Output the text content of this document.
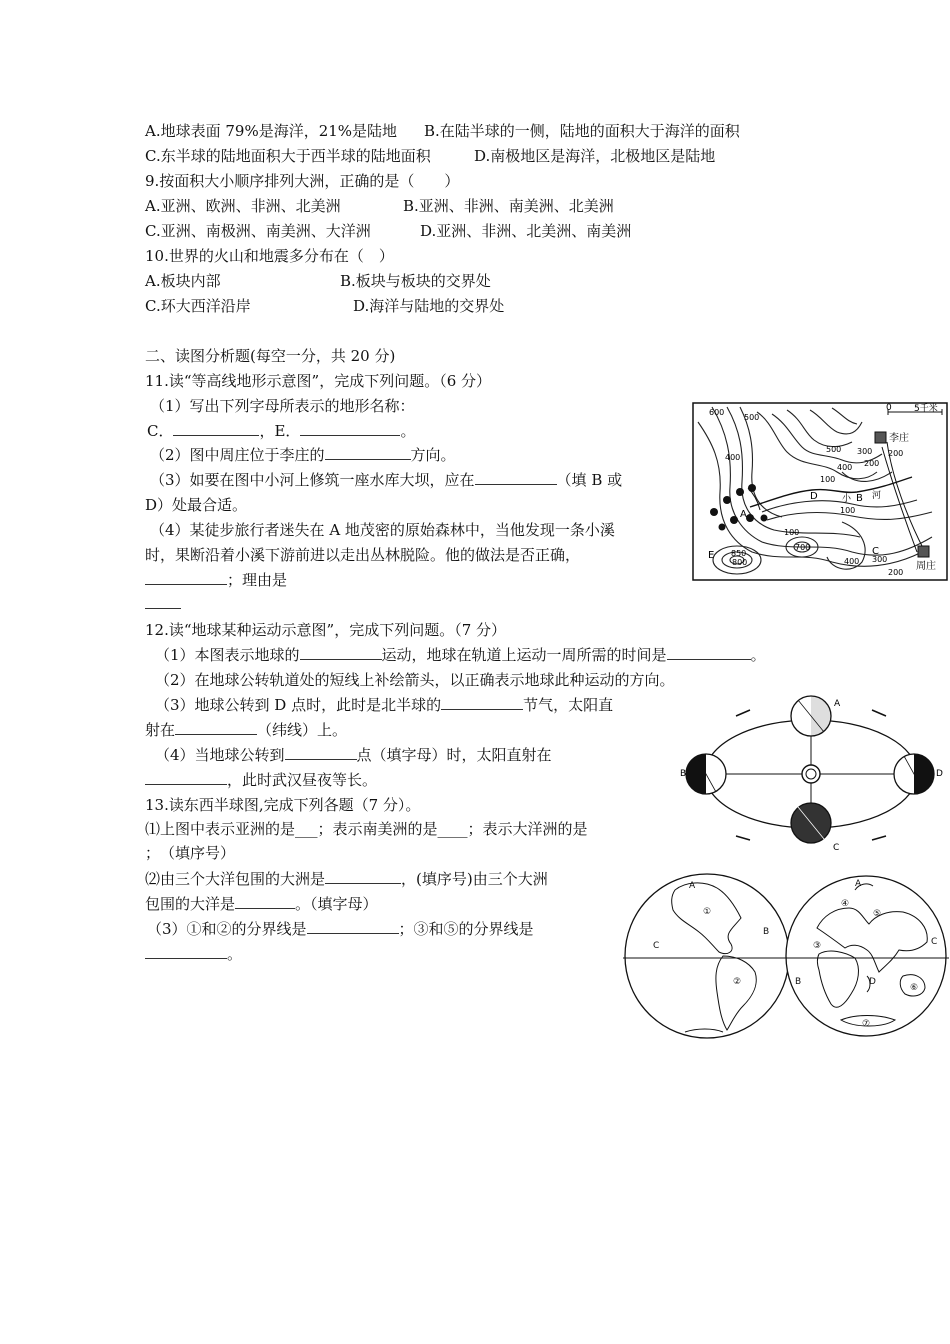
A.地球表面 79%是海洋，21%是陆地 B.在陆半球的一侧，陆地的面积大于海洋的面积
C.东半球的陆地面积大于西半球的陆地面积	D.南极地区是海洋，北极地区是陆地
9.按面积大小顺序排列大洲，正确的是（　　）
A.亚洲、欧洲、非洲、北美洲	B.亚洲、非洲、南美洲、北美洲
C.亚洲、南极洲、南美洲、大洋洲	D.亚洲、非洲、北美洲、南美洲
10.世界的火山和地震多分布在（　）
A.板块内部	B.板块与板块的交界处
C.环大西洋沿岸	D.海洋与陆地的交界处
二、读图分析题(每空一分，共 20 分)
11.读“等高线地形示意图”，完成下列问题。（6 分）
（1）写出下列字母所表示的地形名称：
C．	，E．	。
（2）图中周庄位于李庄的	方向。
（3）如要在图中小河上修筑一座水库大坝，应在	（填 B 或
D）处最合适。
（4）某徒步旅行者迷失在 A 地茂密的原始森林中，当他发现一条小溪
时，果断沿着小溪下游前进以走出丛林脱险。他的做法是否正确，
；理由是
0 5千米
李庄
周庄
小 河
600
500
500
400
400
300
200
100
100
100
200
300
400
200
850
800
700
A
B
C
D
E
12.读“地球某种运动示意图”，完成下列问题。（7 分）
（1）本图表示地球的	运动，地球在轨道上运动一周所需的时间是	。
（2）在地球公转轨道处的短线上补绘箭头，以正确表示地球此种运动的方向。
（3）地球公转到 D 点时，此时是北半球的	节气，太阳直
射在	（纬线）上。
（4）当地球公转到	点（填字母）时，太阳直射在
，此时武汉昼夜等长。
A
B
C
D
13.读东西半球图,完成下列各题（7 分）。
⑴上图中表示亚洲的是___；表示南美洲的是____；表示大洋洲的是
；　（填序号）
⑵由三个大洋包围的大洲是	，(填序号)由三个大洲
包围的大洋是	。（填字母）
（3）①和②的分界线是	；③和⑤的分界线是
。
A
B
C
A
B
C
D
①
②
③
④
⑤
⑥
⑦
